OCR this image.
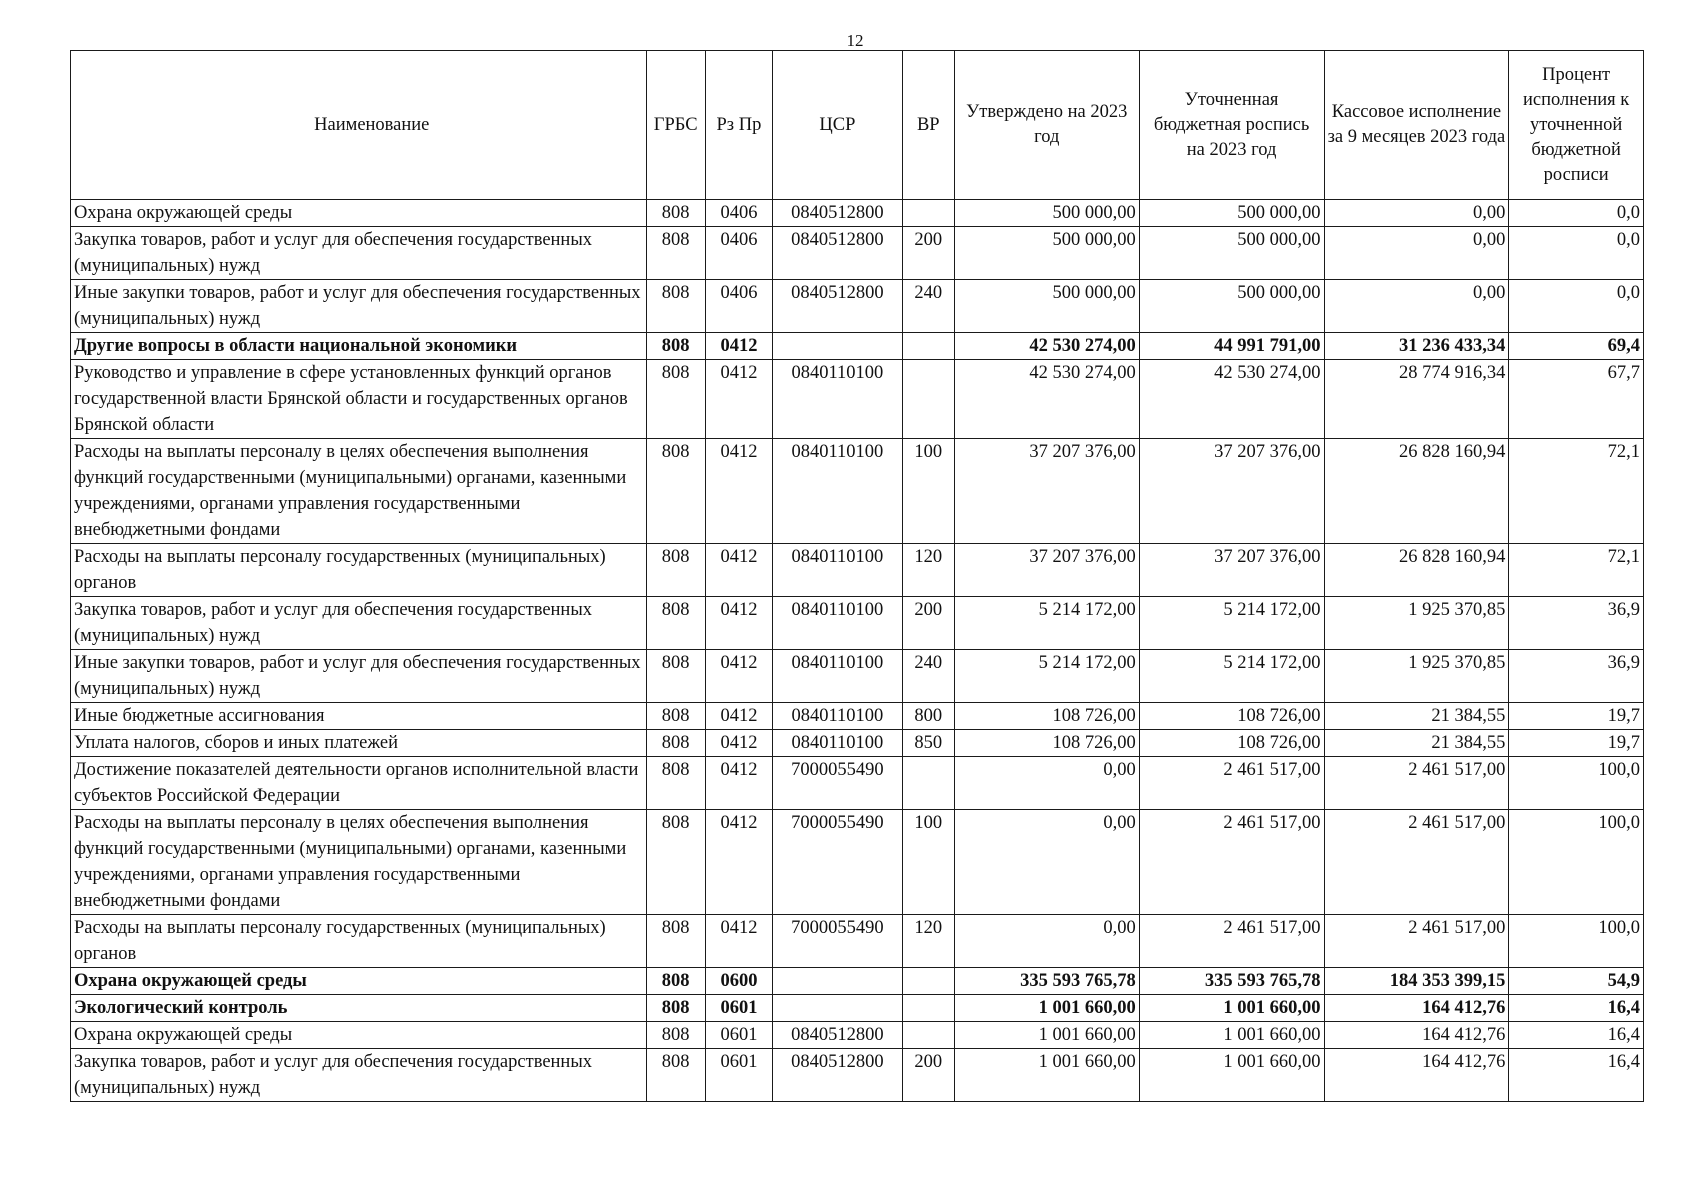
12
Наименование	ГРБС	Рз Пр	ЦСР	ВР	Утверждено на 2023 год	Уточненная бюджетная роспись на 2023 год	Кассовое исполнение за 9 месяцев 2023 года	Процент исполнения к уточненной бюджетной росписи
Охрана окружающей среды	808	0406	0840512800		500 000,00	500 000,00	0,00	0,0
Закупка товаров, работ и услуг для обеспечения государственных (муниципальных) нужд	808	0406	0840512800	200	500 000,00	500 000,00	0,00	0,0
Иные закупки товаров, работ и услуг для обеспечения государственных (муниципальных) нужд	808	0406	0840512800	240	500 000,00	500 000,00	0,00	0,0
Другие вопросы в области национальной экономики	808	0412			42 530 274,00	44 991 791,00	31 236 433,34	69,4
Руководство и управление в сфере установленных функций органов государственной власти Брянской области и государственных органов Брянской области	808	0412	0840110100		42 530 274,00	42 530 274,00	28 774 916,34	67,7
Расходы на выплаты персоналу в целях обеспечения выполнения функций государственными (муниципальными) органами, казенными учреждениями, органами управления государственными внебюджетными фондами	808	0412	0840110100	100	37 207 376,00	37 207 376,00	26 828 160,94	72,1
Расходы на выплаты персоналу государственных (муниципальных) органов	808	0412	0840110100	120	37 207 376,00	37 207 376,00	26 828 160,94	72,1
Закупка товаров, работ и услуг для обеспечения государственных (муниципальных) нужд	808	0412	0840110100	200	5 214 172,00	5 214 172,00	1 925 370,85	36,9
Иные закупки товаров, работ и услуг для обеспечения государственных (муниципальных) нужд	808	0412	0840110100	240	5 214 172,00	5 214 172,00	1 925 370,85	36,9
Иные бюджетные ассигнования	808	0412	0840110100	800	108 726,00	108 726,00	21 384,55	19,7
Уплата налогов, сборов и иных платежей	808	0412	0840110100	850	108 726,00	108 726,00	21 384,55	19,7
Достижение показателей деятельности органов исполнительной власти субъектов Российской Федерации	808	0412	7000055490		0,00	2 461 517,00	2 461 517,00	100,0
Расходы на выплаты персоналу в целях обеспечения выполнения функций государственными (муниципальными) органами, казенными учреждениями, органами управления государственными внебюджетными фондами	808	0412	7000055490	100	0,00	2 461 517,00	2 461 517,00	100,0
Расходы на выплаты персоналу государственных (муниципальных) органов	808	0412	7000055490	120	0,00	2 461 517,00	2 461 517,00	100,0
Охрана окружающей среды	808	0600			335 593 765,78	335 593 765,78	184 353 399,15	54,9
Экологический контроль	808	0601			1 001 660,00	1 001 660,00	164 412,76	16,4
Охрана окружающей среды	808	0601	0840512800		1 001 660,00	1 001 660,00	164 412,76	16,4
Закупка товаров, работ и услуг для обеспечения государственных (муниципальных) нужд	808	0601	0840512800	200	1 001 660,00	1 001 660,00	164 412,76	16,4
